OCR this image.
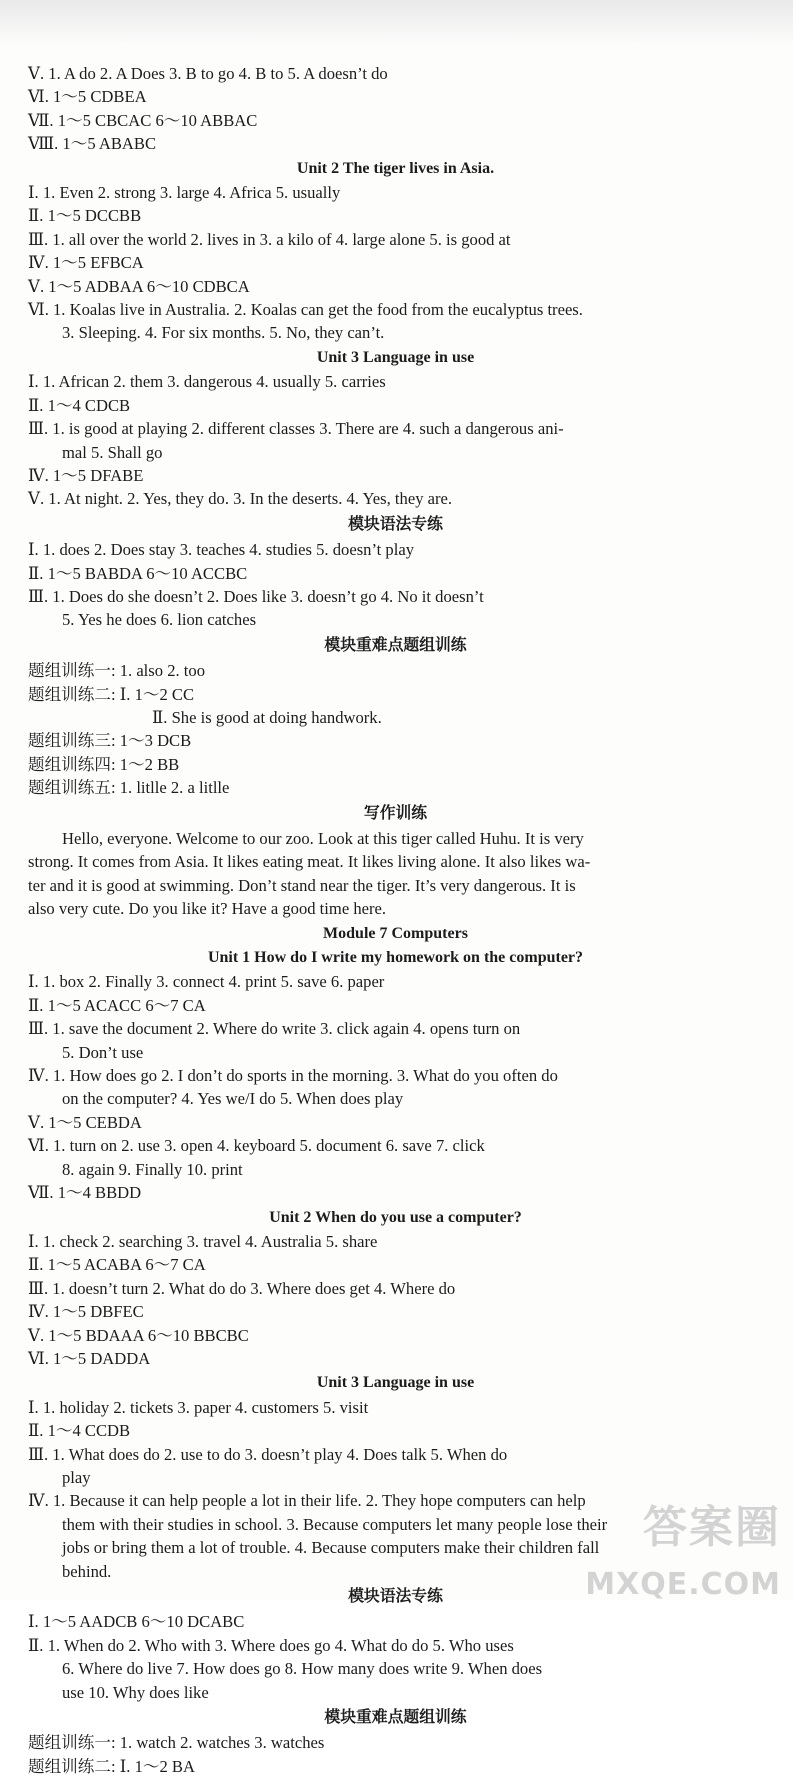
Ⅴ. 1. A do 2. A Does 3. B to go 4. B to 5. A doesn’t do
Ⅵ. 1～5 CDBEA
Ⅶ. 1～5 CBCAC 6～10 ABBAC
Ⅷ. 1～5 ABABC
Unit 2 The tiger lives in Asia.
Ⅰ. 1. Even 2. strong 3. large 4. Africa 5. usually
Ⅱ. 1～5 DCCBB
Ⅲ. 1. all over the world 2. lives in 3. a kilo of 4. large alone 5. is good at
Ⅳ. 1～5 EFBCA
Ⅴ. 1～5 ADBAA 6～10 CDBCA
Ⅵ. 1. Koalas live in Australia. 2. Koalas can get the food from the eucalyptus trees.
3. Sleeping. 4. For six months. 5. No, they can’t.
Unit 3 Language in use
Ⅰ. 1. African 2. them 3. dangerous 4. usually 5. carries
Ⅱ. 1～4 CDCB
Ⅲ. 1. is good at playing 2. different classes 3. There are 4. such a dangerous ani-
mal 5. Shall go
Ⅳ. 1～5 DFABE
Ⅴ. 1. At night. 2. Yes, they do. 3. In the deserts. 4. Yes, they are.
模块语法专练
Ⅰ. 1. does 2. Does stay 3. teaches 4. studies 5. doesn’t play
Ⅱ. 1～5 BABDA 6～10 ACCBC
Ⅲ. 1. Does do she doesn’t 2. Does like 3. doesn’t go 4. No it doesn’t
5. Yes he does 6. lion catches
模块重难点题组训练
题组训练一: 1. also 2. too
题组训练二: Ⅰ. 1～2 CC
Ⅱ. She is good at doing handwork.
题组训练三: 1～3 DCB
题组训练四: 1～2 BB
题组训练五: 1. litlle 2. a litlle
写作训练
Hello, everyone. Welcome to our zoo. Look at this tiger called Huhu. It is very
strong. It comes from Asia. It likes eating meat. It likes living alone. It also likes wa-
ter and it is good at swimming. Don’t stand near the tiger. It’s very dangerous. It is
also very cute. Do you like it? Have a good time here.
Module 7 Computers
Unit 1 How do I write my homework on the computer?
Ⅰ. 1. box 2. Finally 3. connect 4. print 5. save 6. paper
Ⅱ. 1～5 ACACC 6～7 CA
Ⅲ. 1. save the document 2. Where do write 3. click again 4. opens turn on
5. Don’t use
Ⅳ. 1. How does go 2. I don’t do sports in the morning. 3. What do you often do
on the computer? 4. Yes we/I do 5. When does play
Ⅴ. 1～5 CEBDA
Ⅵ. 1. turn on 2. use 3. open 4. keyboard 5. document 6. save 7. click
8. again 9. Finally 10. print
Ⅶ. 1～4 BBDD
Unit 2 When do you use a computer?
Ⅰ. 1. check 2. searching 3. travel 4. Australia 5. share
Ⅱ. 1～5 ACABA 6～7 CA
Ⅲ. 1. doesn’t turn 2. What do do 3. Where does get 4. Where do
Ⅳ. 1～5 DBFEC
Ⅴ. 1～5 BDAAA 6～10 BBCBC
Ⅵ. 1～5 DADDA
Unit 3 Language in use
Ⅰ. 1. holiday 2. tickets 3. paper 4. customers 5. visit
Ⅱ. 1～4 CCDB
Ⅲ. 1. What does do 2. use to do 3. doesn’t play 4. Does talk 5. When do
play
Ⅳ. 1. Because it can help people a lot in their life. 2. They hope computers can help
them with their studies in school. 3. Because computers let many people lose their
jobs or bring them a lot of trouble. 4. Because computers make their children fall
behind.
模块语法专练
Ⅰ. 1～5 AADCB 6～10 DCABC
Ⅱ. 1. When do 2. Who with 3. Where does go 4. What do do 5. Who uses
6. Where do live 7. How does go 8. How many does write 9. When does
use 10. Why does like
模块重难点题组训练
题组训练一: 1. watch 2. watches 3. watches
题组训练二: Ⅰ. 1～2 BA
答案圈
MXQE.COM
